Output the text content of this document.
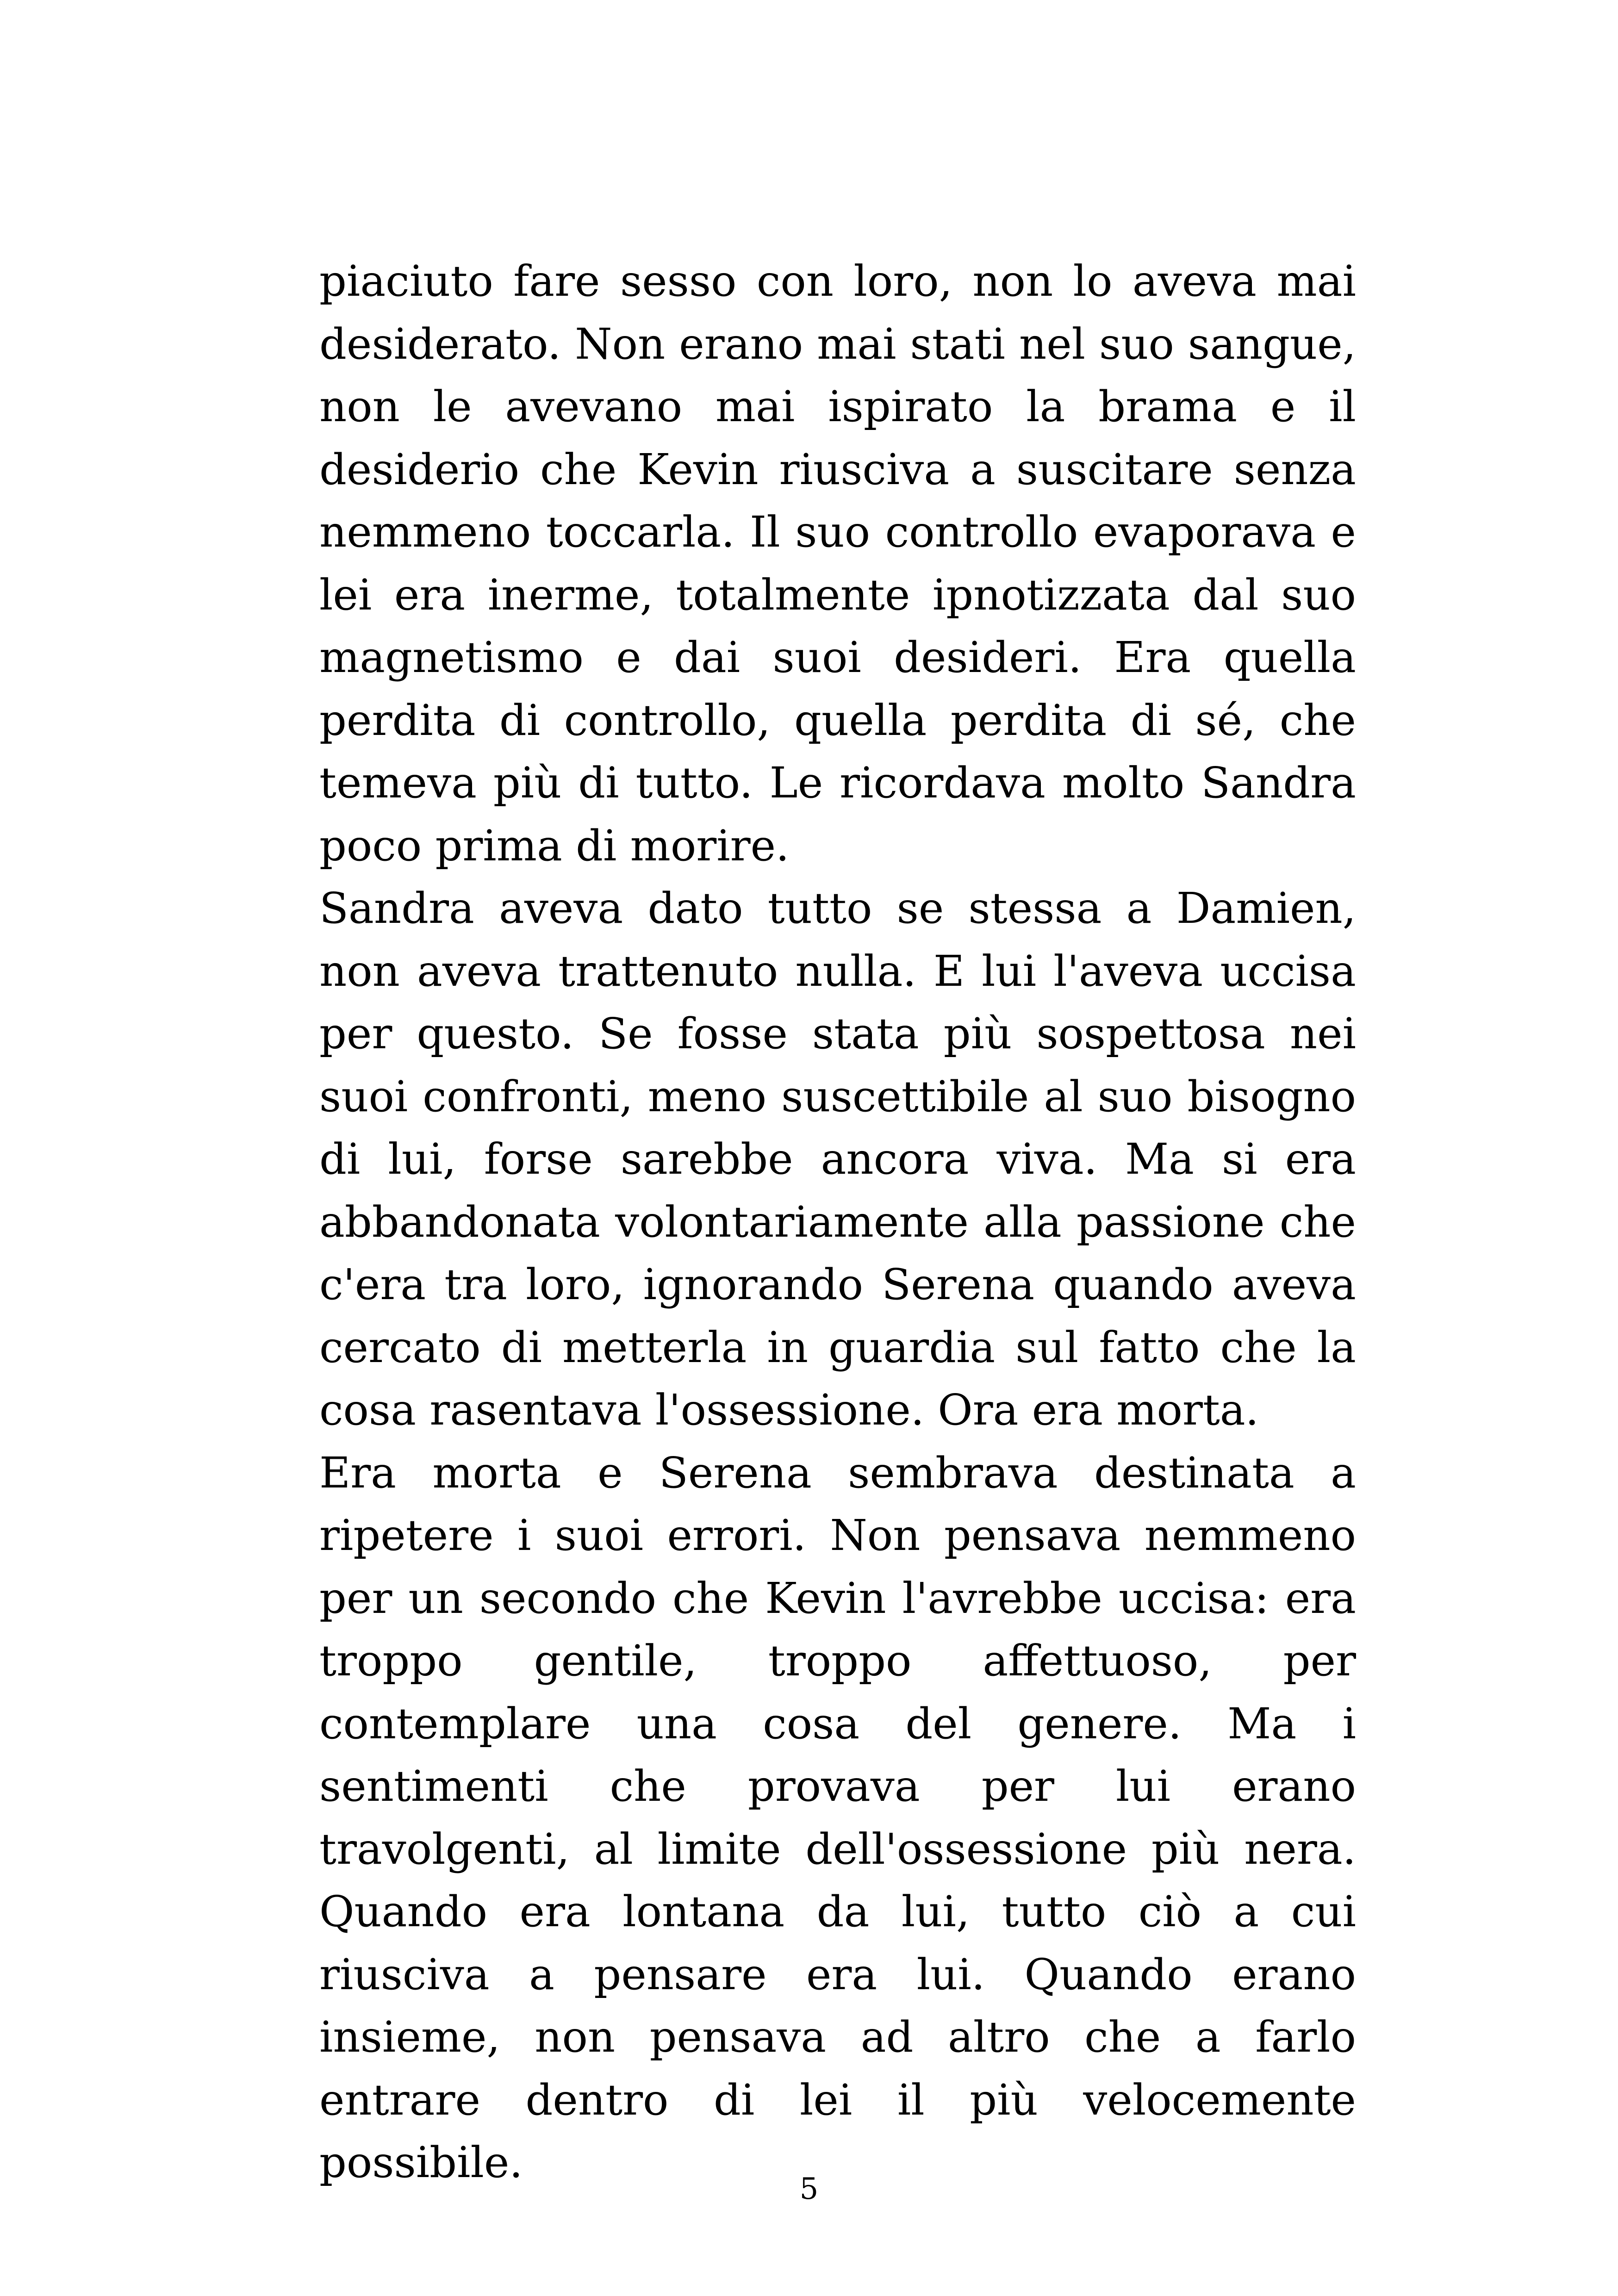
piaciuto fare sesso con loro, non lo aveva mai desiderato. Non erano mai stati nel suo sangue, non le avevano mai ispirato la brama e il desiderio che Kevin riusciva a suscitare senza nemmeno toccarla. Il suo controllo evaporava e lei era inerme, totalmente ipnotizzata dal suo magnetismo e dai suoi desideri. Era quella perdita di controllo, quella perdita di sé, che temeva più di tutto. Le ricordava molto Sandra poco prima di morire.

Sandra aveva dato tutto se stessa a Damien, non aveva trattenuto nulla. E lui l'aveva uccisa per questo. Se fosse stata più sospettosa nei suoi confronti, meno suscettibile al suo bisogno di lui, forse sarebbe ancora viva. Ma si era abbandonata volontariamente alla passione che c'era tra loro, ignorando Serena quando aveva cercato di metterla in guardia sul fatto che la cosa rasentava l'ossessione. Ora era morta.

Era morta e Serena sembrava destinata a ripetere i suoi errori. Non pensava nemmeno per un secondo che Kevin l'avrebbe uccisa: era troppo gentile, troppo affettuoso, per contemplare una cosa del genere. Ma i sentimenti che provava per lui erano travolgenti, al limite dell'ossessione più nera. Quando era lontana da lui, tutto ciò a cui riusciva a pensare era lui. Quando erano insieme, non pensava ad altro che a farlo entrare dentro di lei il più velocemente possibile.

5
